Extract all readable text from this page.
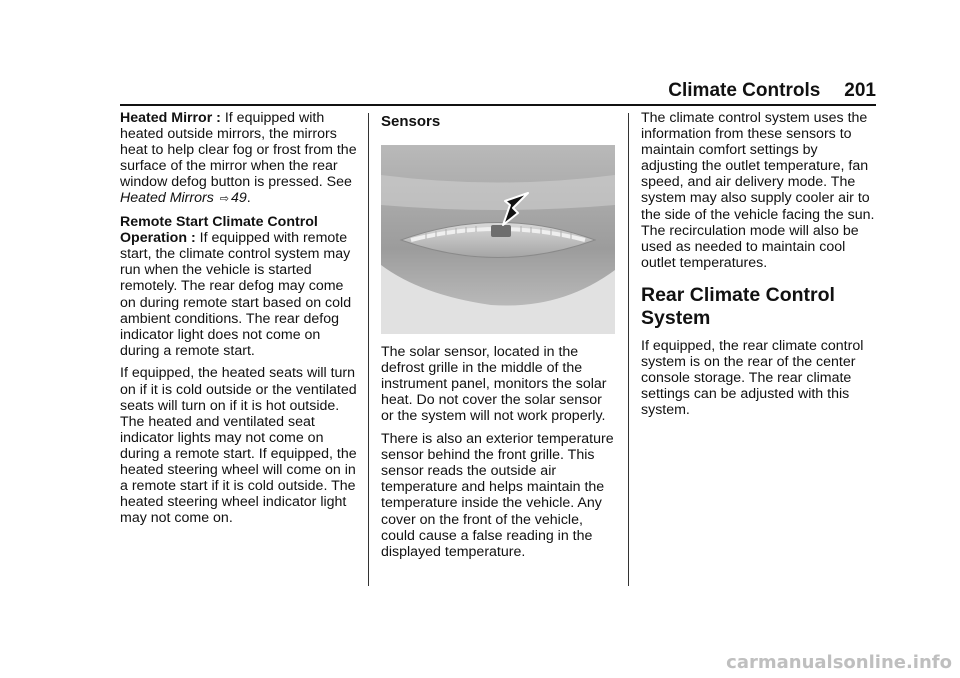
Climate Controls 201

Heated Mirror : If equipped with heated outside mirrors, the mirrors heat to help clear fog or frost from the surface of the mirror when the rear window defog button is pressed. See Heated Mirrors ⇨ 49.

Remote Start Climate Control Operation : If equipped with remote start, the climate control system may run when the vehicle is started remotely. The rear defog may come on during remote start based on cold ambient conditions. The rear defog indicator light does not come on during a remote start.

If equipped, the heated seats will turn on if it is cold outside or the ventilated seats will turn on if it is hot outside. The heated and ventilated seat indicator lights may not come on during a remote start. If equipped, the heated steering wheel will come on in a remote start if it is cold outside. The heated steering wheel indicator light may not come on.

Sensors

The solar sensor, located in the defrost grille in the middle of the instrument panel, monitors the solar heat. Do not cover the solar sensor or the system will not work properly.

There is also an exterior temperature sensor behind the front grille. This sensor reads the outside air temperature and helps maintain the temperature inside the vehicle. Any cover on the front of the vehicle, could cause a false reading in the displayed temperature.

The climate control system uses the information from these sensors to maintain comfort settings by adjusting the outlet temperature, fan speed, and air delivery mode. The system may also supply cooler air to the side of the vehicle facing the sun. The recirculation mode will also be used as needed to maintain cool outlet temperatures.

Rear Climate Control System

If equipped, the rear climate control system is on the rear of the center console storage. The rear climate settings can be adjusted with this system.

carmanualsonline.info
